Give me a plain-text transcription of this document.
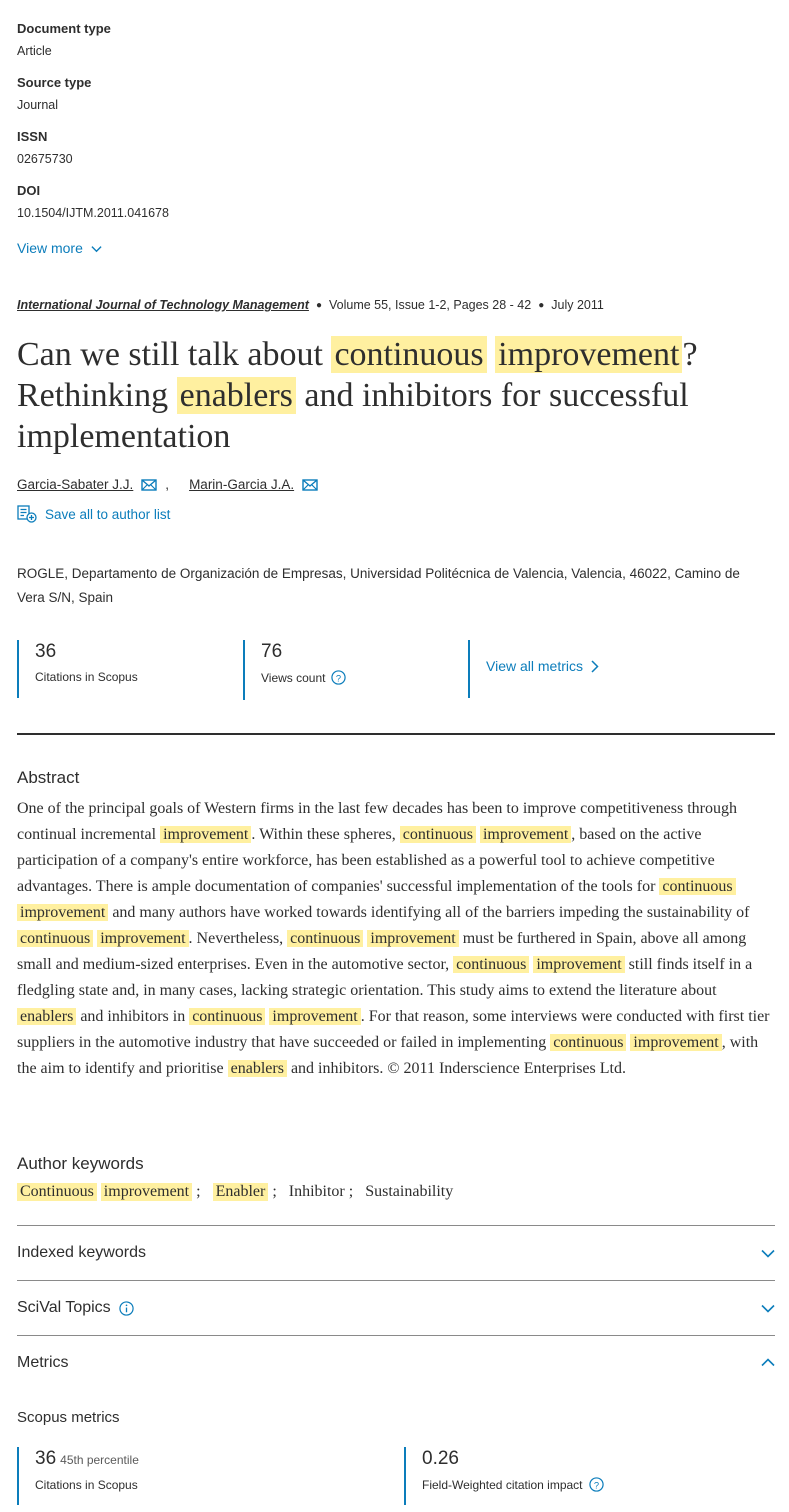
Document type
Article
Source type
Journal
ISSN
02675730
DOI
10.1504/IJTM.2011.041678
View more
International Journal of Technology Management ● Volume 55, Issue 1-2, Pages 28 - 42 ● July 2011
Can we still talk about continuous improvement? Rethinking enablers and inhibitors for successful implementation
Garcia-Sabater J.J. , Marin-Garcia J.A.
Save all to author list
ROGLE, Departamento de Organización de Empresas, Universidad Politécnica de Valencia, Valencia, 46022, Camino de Vera S/N, Spain
36
Citations in Scopus
76
Views count ?
View all metrics
Abstract
One of the principal goals of Western firms in the last few decades has been to improve competitiveness through continual incremental improvement . Within these spheres, continuous improvement , based on the active participation of a company's entire workforce, has been established as a powerful tool to achieve competitive advantages. There is ample documentation of companies' successful implementation of the tools for continuous improvement and many authors have worked towards identifying all of the barriers impeding the sustainability of continuous improvement . Nevertheless, continuous improvement must be furthered in Spain, above all among small and medium-sized enterprises. Even in the automotive sector, continuous improvement still finds itself in a fledgling state and, in many cases, lacking strategic orientation. This study aims to extend the literature about enablers and inhibitors in continuous improvement . For that reason, some interviews were conducted with first tier suppliers in the automotive industry that have succeeded or failed in implementing continuous improvement , with the aim to identify and prioritise enablers and inhibitors. © 2011 Inderscience Enterprises Ltd.
Author keywords
Continuous improvement ; Enabler ; Inhibitor ; Sustainability
Indexed keywords
SciVal Topics
Metrics
Scopus metrics
36 45th percentile
Citations in Scopus
0.26
Field-Weighted citation impact ?
